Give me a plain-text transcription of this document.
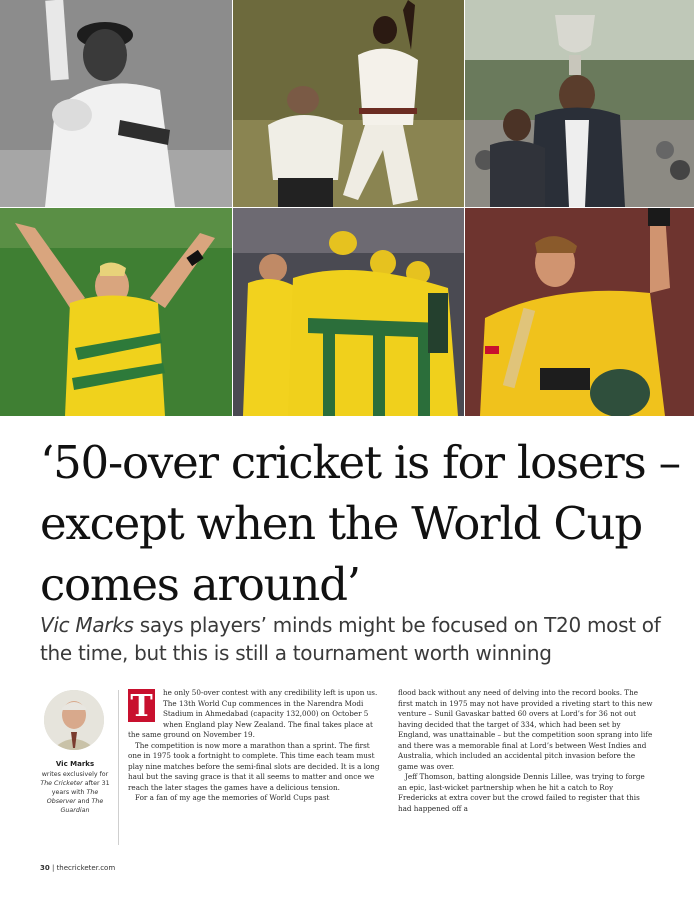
‘50-over cricket is for losers – except when the World Cup comes around’

Vic Marks says players’ minds might be focused on T20 most of the time, but this is still a tournament worth winning

Vic Marks
writes exclusively for The Cricketer after 31 years with The Observer and The Guardian

T	he only 50-over contest with any credibility left is upon us. The 13th World Cup commences in the Narendra Modi Stadium in Ahmedabad (capacity 132,000) on October 5 when England play New Zealand. The final takes place at the same ground on November 19.

The competition is now more a marathon than a sprint. The first one in 1975 took a fortnight to complete. This time each team must play nine matches before the semi-final slots are decided. It is a long haul but the saving grace is that it all seems to matter and once we reach the later stages the games have a delicious tension.

For a fan of my age the memories of World Cups past

flood back without any need of delving into the record books. The first match in 1975 may not have provided a riveting start to this new venture – Sunil Gavaskar batted 60 overs at Lord’s for 36 not out having decided that the target of 334, which had been set by England, was unattainable – but the competition soon sprang into life and there was a memorable final at Lord’s between West Indies and Australia, which included an accidental pitch invasion before the game was over.

Jeff Thomson, batting alongside Dennis Lillee, was trying to forge an epic, last-wicket partnership when he hit a catch to Roy Fredericks at extra cover but the crowd failed to register that this had happened off a

30 | thecricketer.com
